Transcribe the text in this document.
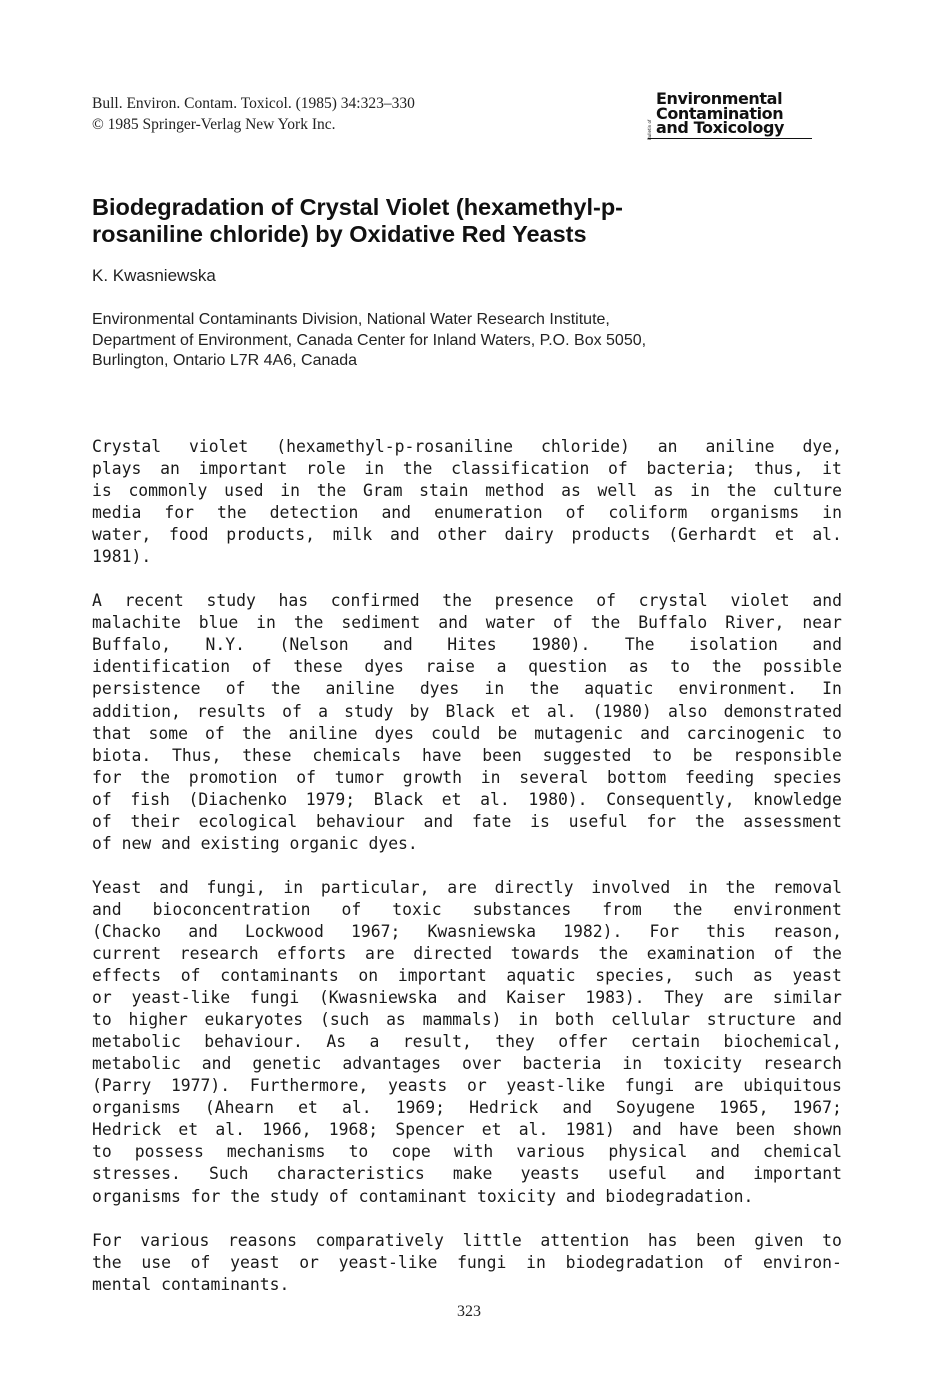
Bull. Environ. Contam. Toxicol. (1985) 34:323–330
© 1985 Springer-Verlag New York Inc.	Bulletin of
Environmental
Contamination
and Toxicology
Biodegradation of Crystal Violet (hexamethyl-p-
rosaniline chloride) by Oxidative Red Yeasts
K. Kwasniewska
Environmental Contaminants Division, National Water Research Institute,
Department of Environment, Canada Center for Inland Waters, P.O. Box 5050,
Burlington, Ontario L7R 4A6, Canada
Crystal violet (hexamethyl-p-rosaniline chloride) an aniline dye,
plays an important role in the classification of bacteria; thus, it
is commonly used in the Gram stain method as well as in the culture
media for the detection and enumeration of coliform organisms in
water, food products, milk and other dairy products (Gerhardt et al.
1981).
A recent study has confirmed the presence of crystal violet and
malachite blue in the sediment and water of the Buffalo River, near
Buffalo, N.Y. (Nelson and Hites 1980). The isolation and
identification of these dyes raise a question as to the possible
persistence of the aniline dyes in the aquatic environment. In
addition, results of a study by Black et al. (1980) also demonstrated
that some of the aniline dyes could be mutagenic and carcinogenic to
biota. Thus, these chemicals have been suggested to be responsible
for the promotion of tumor growth in several bottom feeding species
of fish (Diachenko 1979; Black et al. 1980). Consequently, knowledge
of their ecological behaviour and fate is useful for the assessment
of new and existing organic dyes.
Yeast and fungi, in particular, are directly involved in the removal
and bioconcentration of toxic substances from the environment
(Chacko and Lockwood 1967; Kwasniewska 1982). For this reason,
current research efforts are directed towards the examination of the
effects of contaminants on important aquatic species, such as yeast
or yeast-like fungi (Kwasniewska and Kaiser 1983). They are similar
to higher eukaryotes (such as mammals) in both cellular structure and
metabolic behaviour. As a result, they offer certain biochemical,
metabolic and genetic advantages over bacteria in toxicity research
(Parry 1977). Furthermore, yeasts or yeast-like fungi are ubiquitous
organisms (Ahearn et al. 1969; Hedrick and Soyugene 1965, 1967;
Hedrick et al. 1966, 1968; Spencer et al. 1981) and have been shown
to possess mechanisms to cope with various physical and chemical
stresses. Such characteristics make yeasts useful and important
organisms for the study of contaminant toxicity and biodegradation.
For various reasons comparatively little attention has been given to
the use of yeast or yeast-like fungi in biodegradation of environ-
mental contaminants.
323
